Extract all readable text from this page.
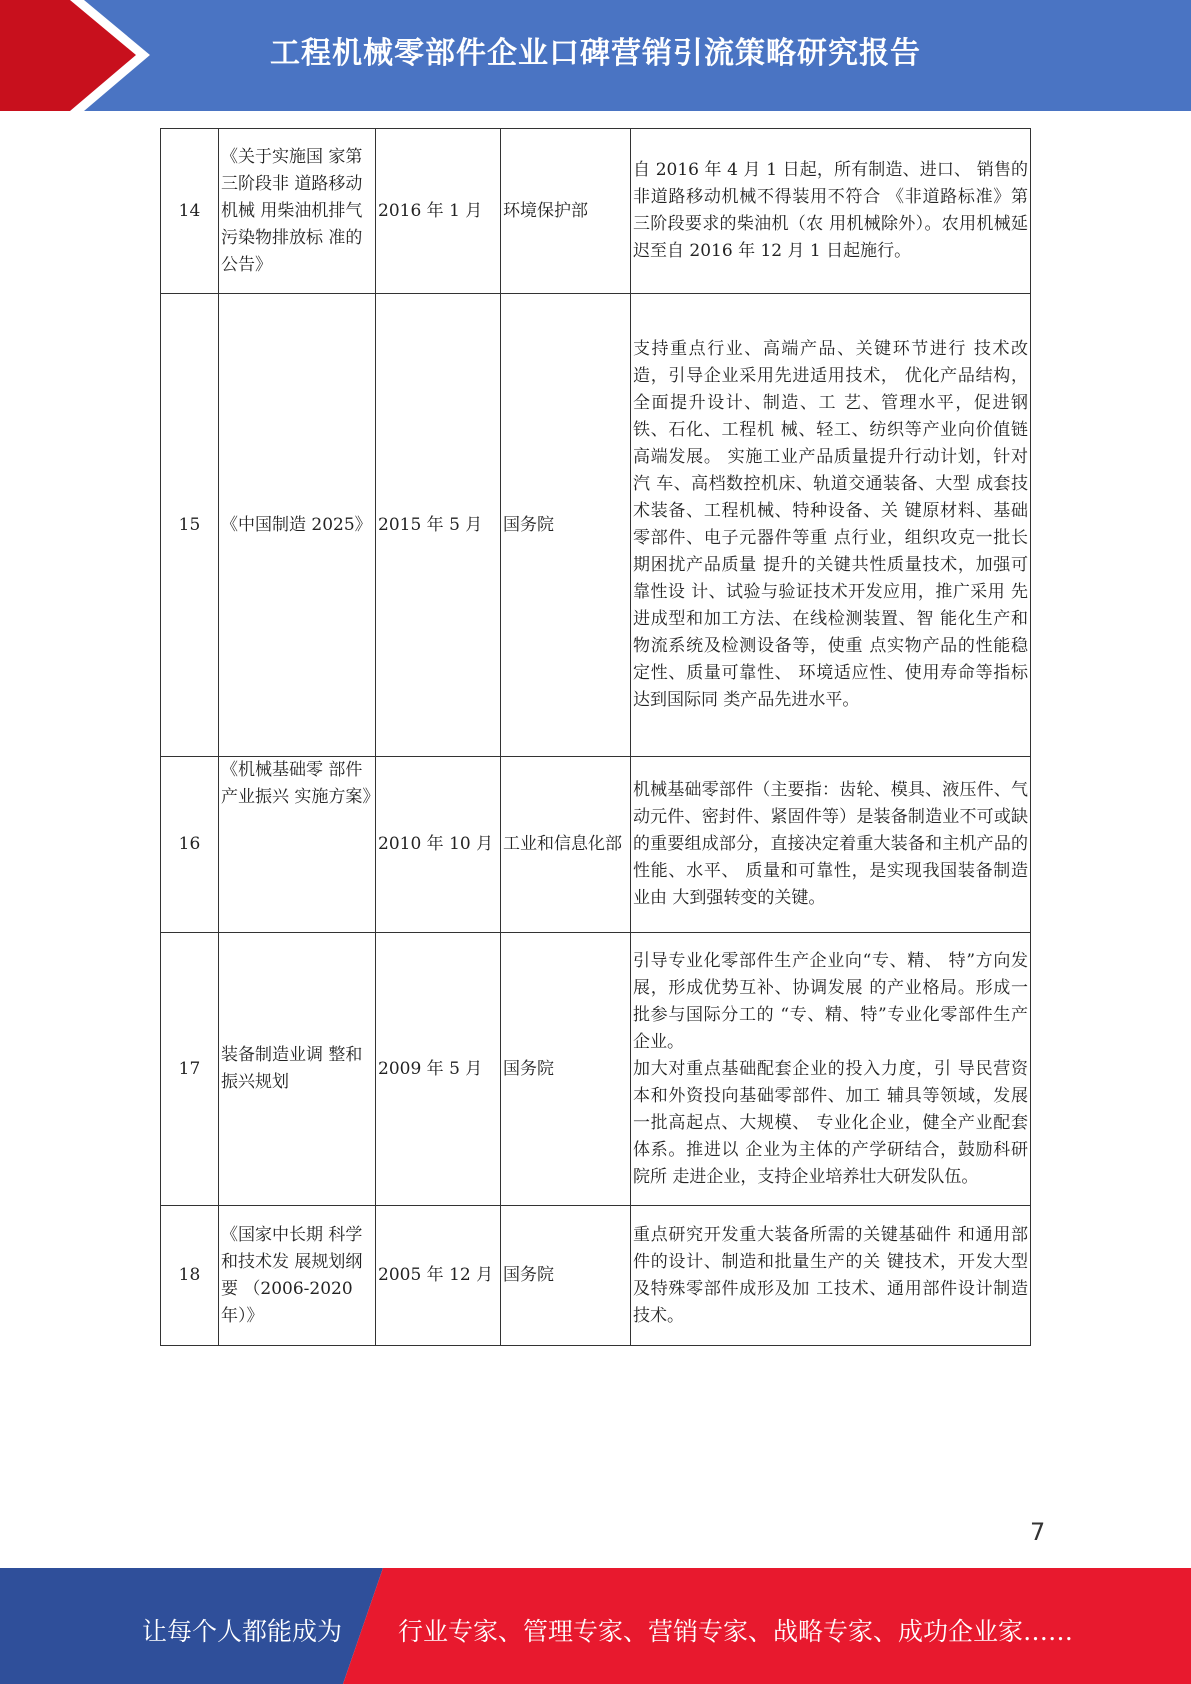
工程机械零部件企业口碑营销引流策略研究报告
14	《关于实施国 家第三阶段非 道路移动机械 用柴油机排气 污染物排放标 准的公告》	2016 年 1 月	环境保护部	自 2016 年 4 月 1 日起，所有制造、进口、 销售的非道路移动机械不得装用不符合 《非道路标准》第三阶段要求的柴油机（农 用机械除外）。农用机械延迟至自 2016 年 12 月 1 日起施行。
15	《中国制造 2025》	2015 年 5 月	国务院	支持重点行业、高端产品、关键环节进行 技术改造，引导企业采用先进适用技术， 优化产品结构，全面提升设计、制造、工 艺、管理水平，促进钢铁、石化、工程机 械、轻工、纺织等产业向价值链高端发展。 实施工业产品质量提升行动计划，针对汽 车、高档数控机床、轨道交通装备、大型 成套技术装备、工程机械、特种设备、关 键原材料、基础零部件、电子元器件等重 点行业，组织攻克一批长期困扰产品质量 提升的关键共性质量技术，加强可靠性设 计、试验与验证技术开发应用，推广采用 先进成型和加工方法、在线检测装置、智 能化生产和物流系统及检测设备等，使重 点实物产品的性能稳定性、质量可靠性、 环境适应性、使用寿命等指标达到国际同 类产品先进水平。
16	《机械基础零 部件产业振兴 实施方案》	2010 年 10 月	工业和信息化部	机械基础零部件（主要指：齿轮、模具、液压件、气动元件、密封件、紧固件等）是装备制造业不可或缺的重要组成部分，直接决定着重大装备和主机产品的性能、水平、 质量和可靠性，是实现我国装备制造业由 大到强转变的关键。
17	装备制造业调 整和振兴规划	2009 年 5 月	国务院	引导专业化零部件生产企业向“专、精、 特”方向发展，形成优势互补、协调发展 的产业格局。形成一批参与国际分工的 “专、精、特”专业化零部件生产企业。
加大对重点基础配套企业的投入力度，引 导民营资本和外资投向基础零部件、加工 辅具等领域，发展一批高起点、大规模、 专业化企业，健全产业配套体系。推进以 企业为主体的产学研结合，鼓励科研院所 走进企业，支持企业培养壮大研发队伍。
18	《国家中长期 科学和技术发 展规划纲要 （2006-2020 年）》	2005 年 12 月	国务院	重点研究开发重大装备所需的关键基础件 和通用部件的设计、制造和批量生产的关 键技术，开发大型及特殊零部件成形及加 工技术、通用部件设计制造技术。
7
让每个人都能成为 行业专家、管理专家、营销专家、战略专家、成功企业家……
